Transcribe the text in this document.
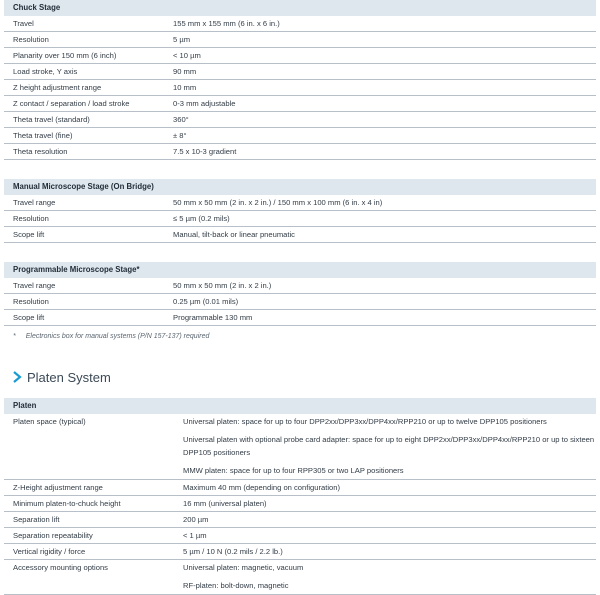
Chuck Stage
Travel	155 mm x 155 mm (6 in. x 6 in.)
Resolution	5 µm
Planarity over 150 mm (6 inch)	< 10 µm
Load stroke, Y axis	90 mm
Z height adjustment range	10 mm
Z contact / separation / load stroke	0-3 mm adjustable
Theta travel (standard)	360°
Theta travel (fine)	± 8°
Theta resolution	7.5 x 10-3 gradient
Manual Microscope Stage (On Bridge)
Travel range	50 mm x 50 mm (2 in. x 2 in.) / 150 mm x 100 mm (6 in. x 4 in)
Resolution	≤ 5 µm (0.2 mils)
Scope lift	Manual, tilt-back or linear pneumatic
Programmable Microscope Stage*
Travel range	50 mm x 50 mm (2 in. x 2 in.)
Resolution	0.25 µm (0.01 mils)
Scope lift	Programmable 130 mm
* Electronics box for manual systems (P/N 157-137) required
Platen System
Platen
Platen space (typical)	Universal platen: space for up to four DPP2xx/DPP3xx/DPP4xx/RPP210 or up to twelve DPP105 positioners
Universal platen with optional probe card adapter: space for up to eight DPP2xx/DPP3xx/DPP4xx/RPP210 or up to sixteen DPP105 positioners
MMW platen: space for up to four RPP305 or two LAP positioners
Z-Height adjustment range	Maximum 40 mm (depending on configuration)
Minimum platen-to-chuck height	16 mm (universal platen)
Separation lift	200 µm
Separation repeatability	< 1 µm
Vertical rigidity / force	5 µm / 10 N (0.2 mils / 2.2 lb.)
Accessory mounting options	Universal platen: magnetic, vacuum
RF-platen: bolt-down, magnetic
